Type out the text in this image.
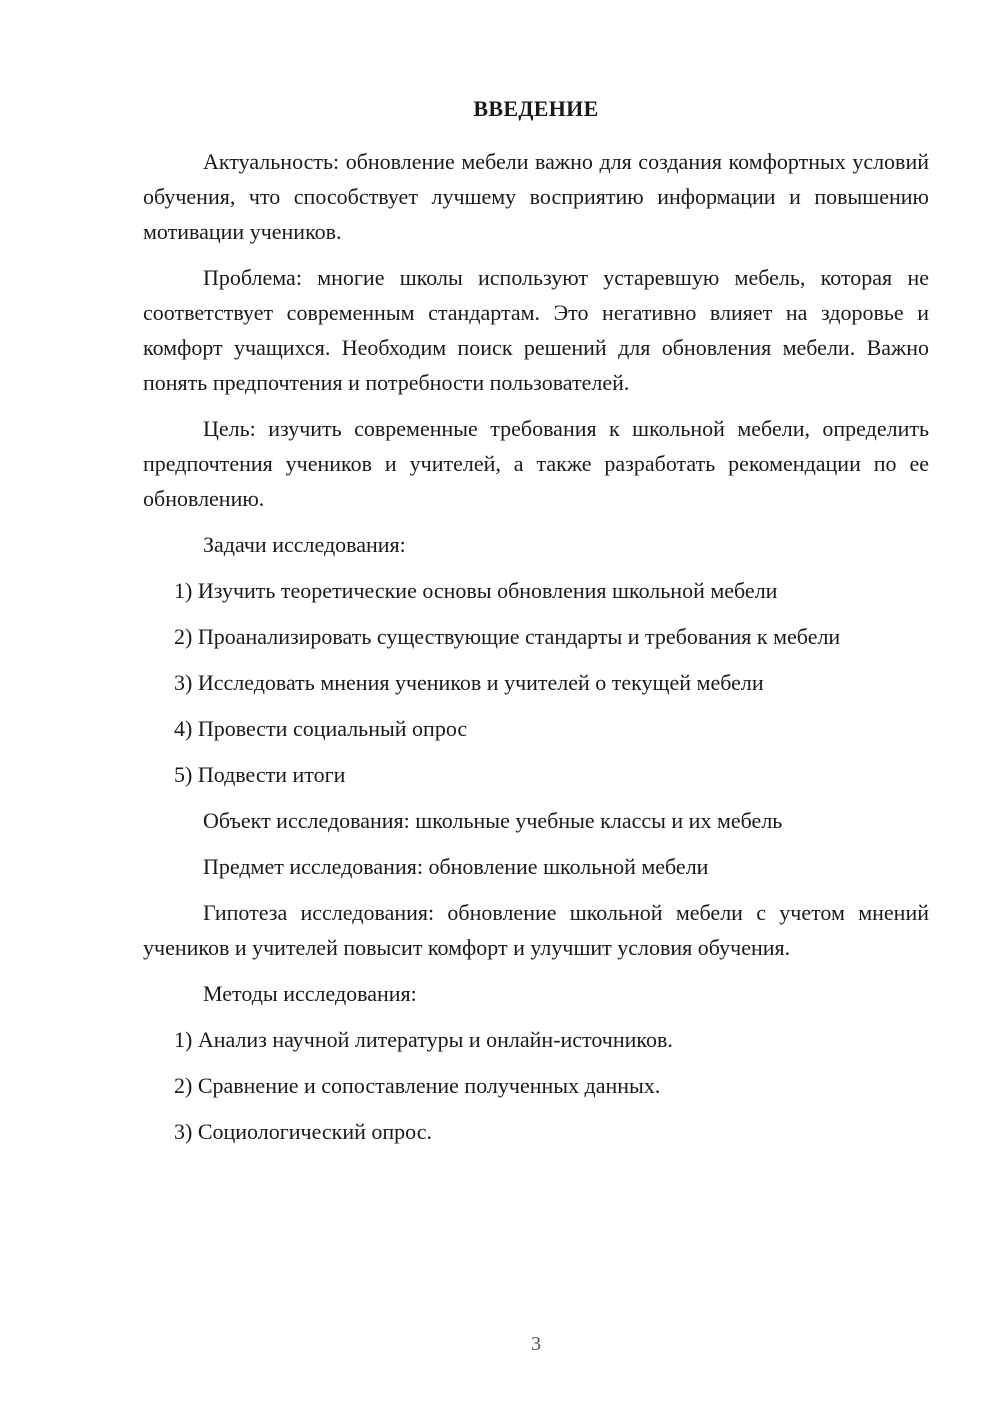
ВВЕДЕНИЕ

Актуальность: обновление мебели важно для создания комфортных условий обучения, что способствует лучшему восприятию информации и повышению мотивации учеников.

Проблема: многие школы используют устаревшую мебель, которая не соответствует современным стандартам. Это негативно влияет на здоровье и комфорт учащихся. Необходим поиск решений для обновления мебели. Важно понять предпочтения и потребности пользователей.

Цель: изучить современные требования к школьной мебели, определить предпочтения учеников и учителей, а также разработать рекомендации по ее обновлению.

Задачи исследования:

1) Изучить теоретические основы обновления школьной мебели

2) Проанализировать существующие стандарты и требования к мебели

3) Исследовать мнения учеников и учителей о текущей мебели

4) Провести социальный опрос

5) Подвести итоги

Объект исследования: школьные учебные классы и их мебель

Предмет исследования: обновление школьной мебели

Гипотеза исследования: обновление школьной мебели с учетом мнений учеников и учителей повысит комфорт и улучшит условия обучения.

Методы исследования:

1) Анализ научной литературы и онлайн-источников.

2) Сравнение и сопоставление полученных данных.

3) Социологический опрос.

3
